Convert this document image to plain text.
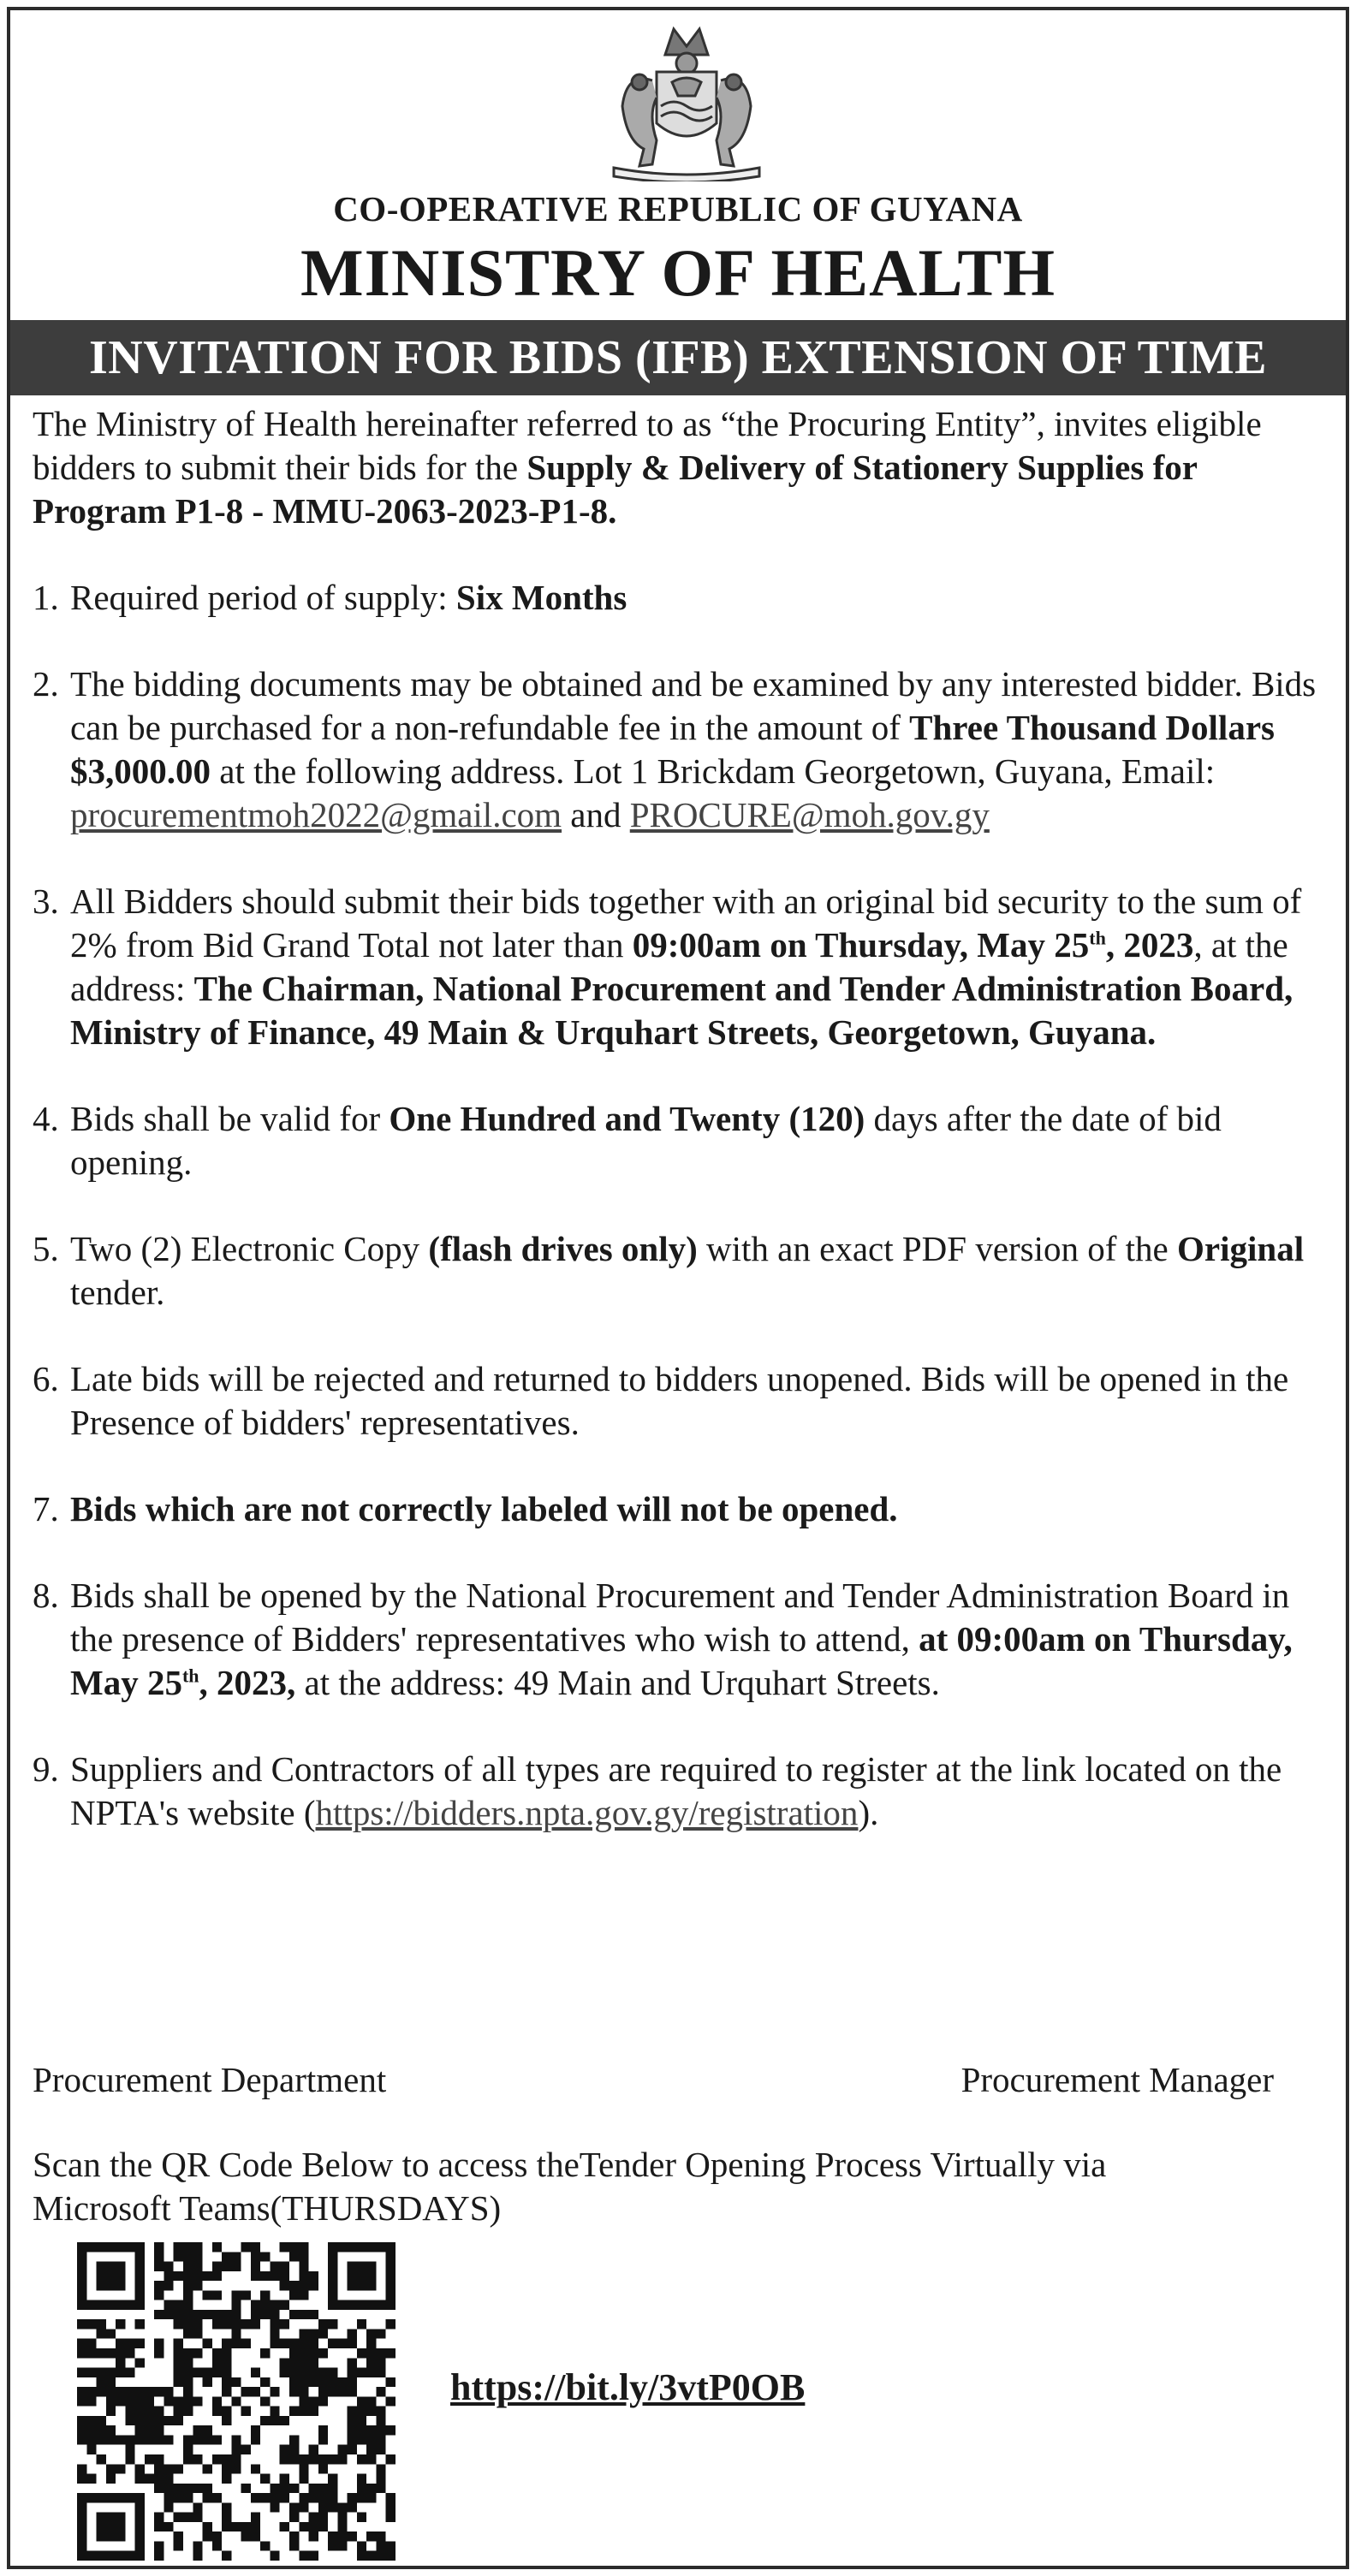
CO-OPERATIVE REPUBLIC OF GUYANA
MINISTRY OF HEALTH
INVITATION FOR BIDS (IFB) EXTENSION OF TIME

The Ministry of Health hereinafter referred to as “the Procuring Entity”, invites eligible bidders to submit their bids for the Supply & Delivery of Stationery Supplies for Program P1-8 - MMU-2063-2023-P1-8.

1. Required period of supply: Six Months
2. The bidding documents may be obtained and be examined by any interested bidder. Bids can be purchased for a non-refundable fee in the amount of Three Thousand Dollars $3,000.00 at the following address. Lot 1 Brickdam Georgetown, Guyana, Email: procurementmoh2022@gmail.com and PROCURE@moh.gov.gy
3. All Bidders should submit their bids together with an original bid security to the sum of 2% from Bid Grand Total not later than 09:00am on Thursday, May 25th, 2023, at the address: The Chairman, National Procurement and Tender Administration Board, Ministry of Finance, 49 Main & Urquhart Streets, Georgetown, Guyana.
4. Bids shall be valid for One Hundred and Twenty (120) days after the date of bid opening.
5. Two (2) Electronic Copy (flash drives only) with an exact PDF version of the Original tender.
6. Late bids will be rejected and returned to bidders unopened. Bids will be opened in the Presence of bidders' representatives.
7. Bids which are not correctly labeled will not be opened.
8. Bids shall be opened by the National Procurement and Tender Administration Board in the presence of Bidders' representatives who wish to attend, at 09:00am on Thursday, May 25th, 2023, at the address: 49 Main and Urquhart Streets.
9. Suppliers and Contractors of all types are required to register at the link located on the NPTA's website (https://bidders.npta.gov.gy/registration).
Procurement Department	Procurement Manager
Scan the QR Code Below to access theTender Opening Process Virtually via Microsoft Teams(THURSDAYS)
https://bit.ly/3vtP0OB
